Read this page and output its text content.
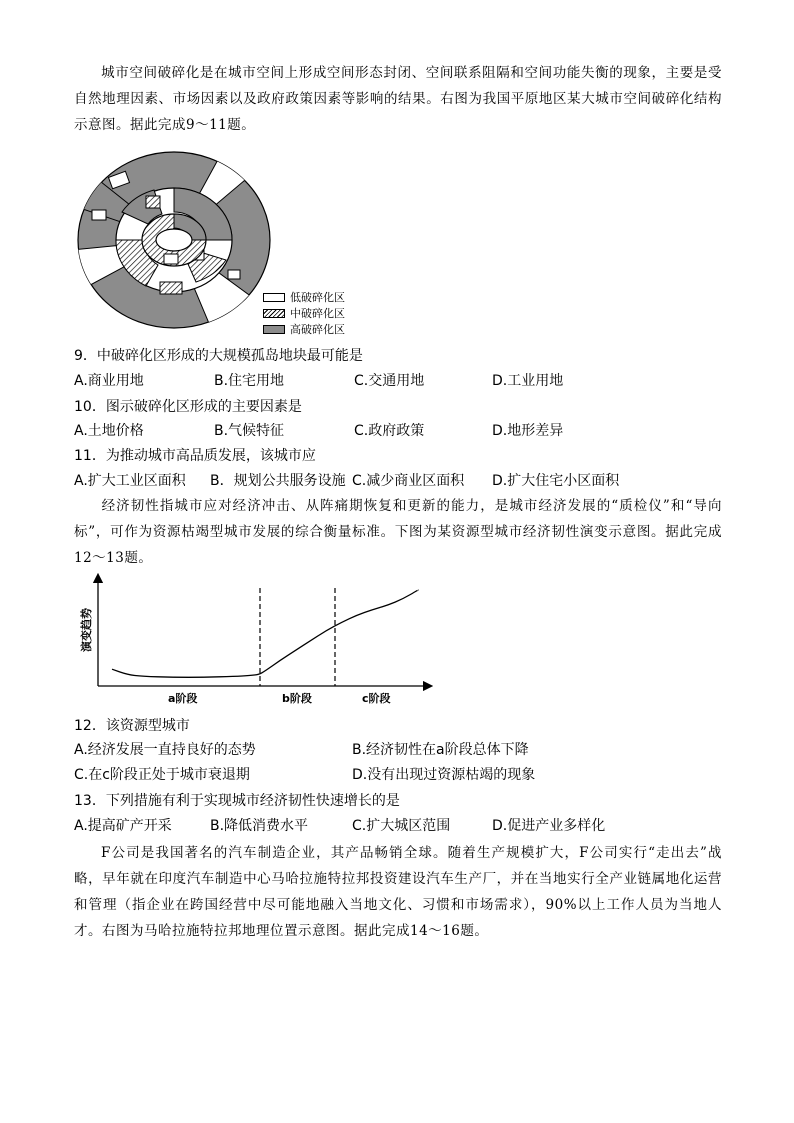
城市空间破碎化是在城市空间上形成空间形态封闭、空间联系阻隔和空间功能失衡的现象，主要是受自然地理因素、市场因素以及政府政策因素等影响的结果。右图为我国平原地区某大城市空间破碎化结构示意图。据此完成9～11题。
低破碎化区
中破碎化区
高破碎化区
9．中破碎化区形成的大规模孤岛地块最可能是
A.商业用地	B.住宅用地	C.交通用地	D.工业用地
10．图示破碎化区形成的主要因素是
A.土地价格	B.气候特征	C.政府政策	D.地形差异
11．为推动城市高品质发展，该城市应
A.扩大工业区面积 B．规划公共服务设施 C.减少商业区面积 D.扩大住宅小区面积
经济韧性指城市应对经济冲击、从阵痛期恢复和更新的能力，是城市经济发展的“质检仪”和“导向标”，可作为资源枯竭型城市发展的综合衡量标准。下图为某资源型城市经济韧性演变示意图。据此完成12～13题。
演变趋势
a阶段	b阶段	c阶段
12．该资源型城市
A.经济发展一直持良好的态势	B.经济韧性在a阶段总体下降
C.在c阶段正处于城市衰退期	D.没有出现过资源枯竭的现象
13．下列措施有利于实现城市经济韧性快速增长的是
A.提高矿产开采	B.降低消费水平	C.扩大城区范围	D.促进产业多样化
F公司是我国著名的汽车制造企业，其产品畅销全球。随着生产规模扩大，F公司实行“走出去”战略，早年就在印度汽车制造中心马哈拉施特拉邦投资建设汽车生产厂，并在当地实行全产业链属地化运营和管理（指企业在跨国经营中尽可能地融入当地文化、习惯和市场需求），90%以上工作人员为当地人才。右图为马哈拉施特拉邦地理位置示意图。据此完成14～16题。
